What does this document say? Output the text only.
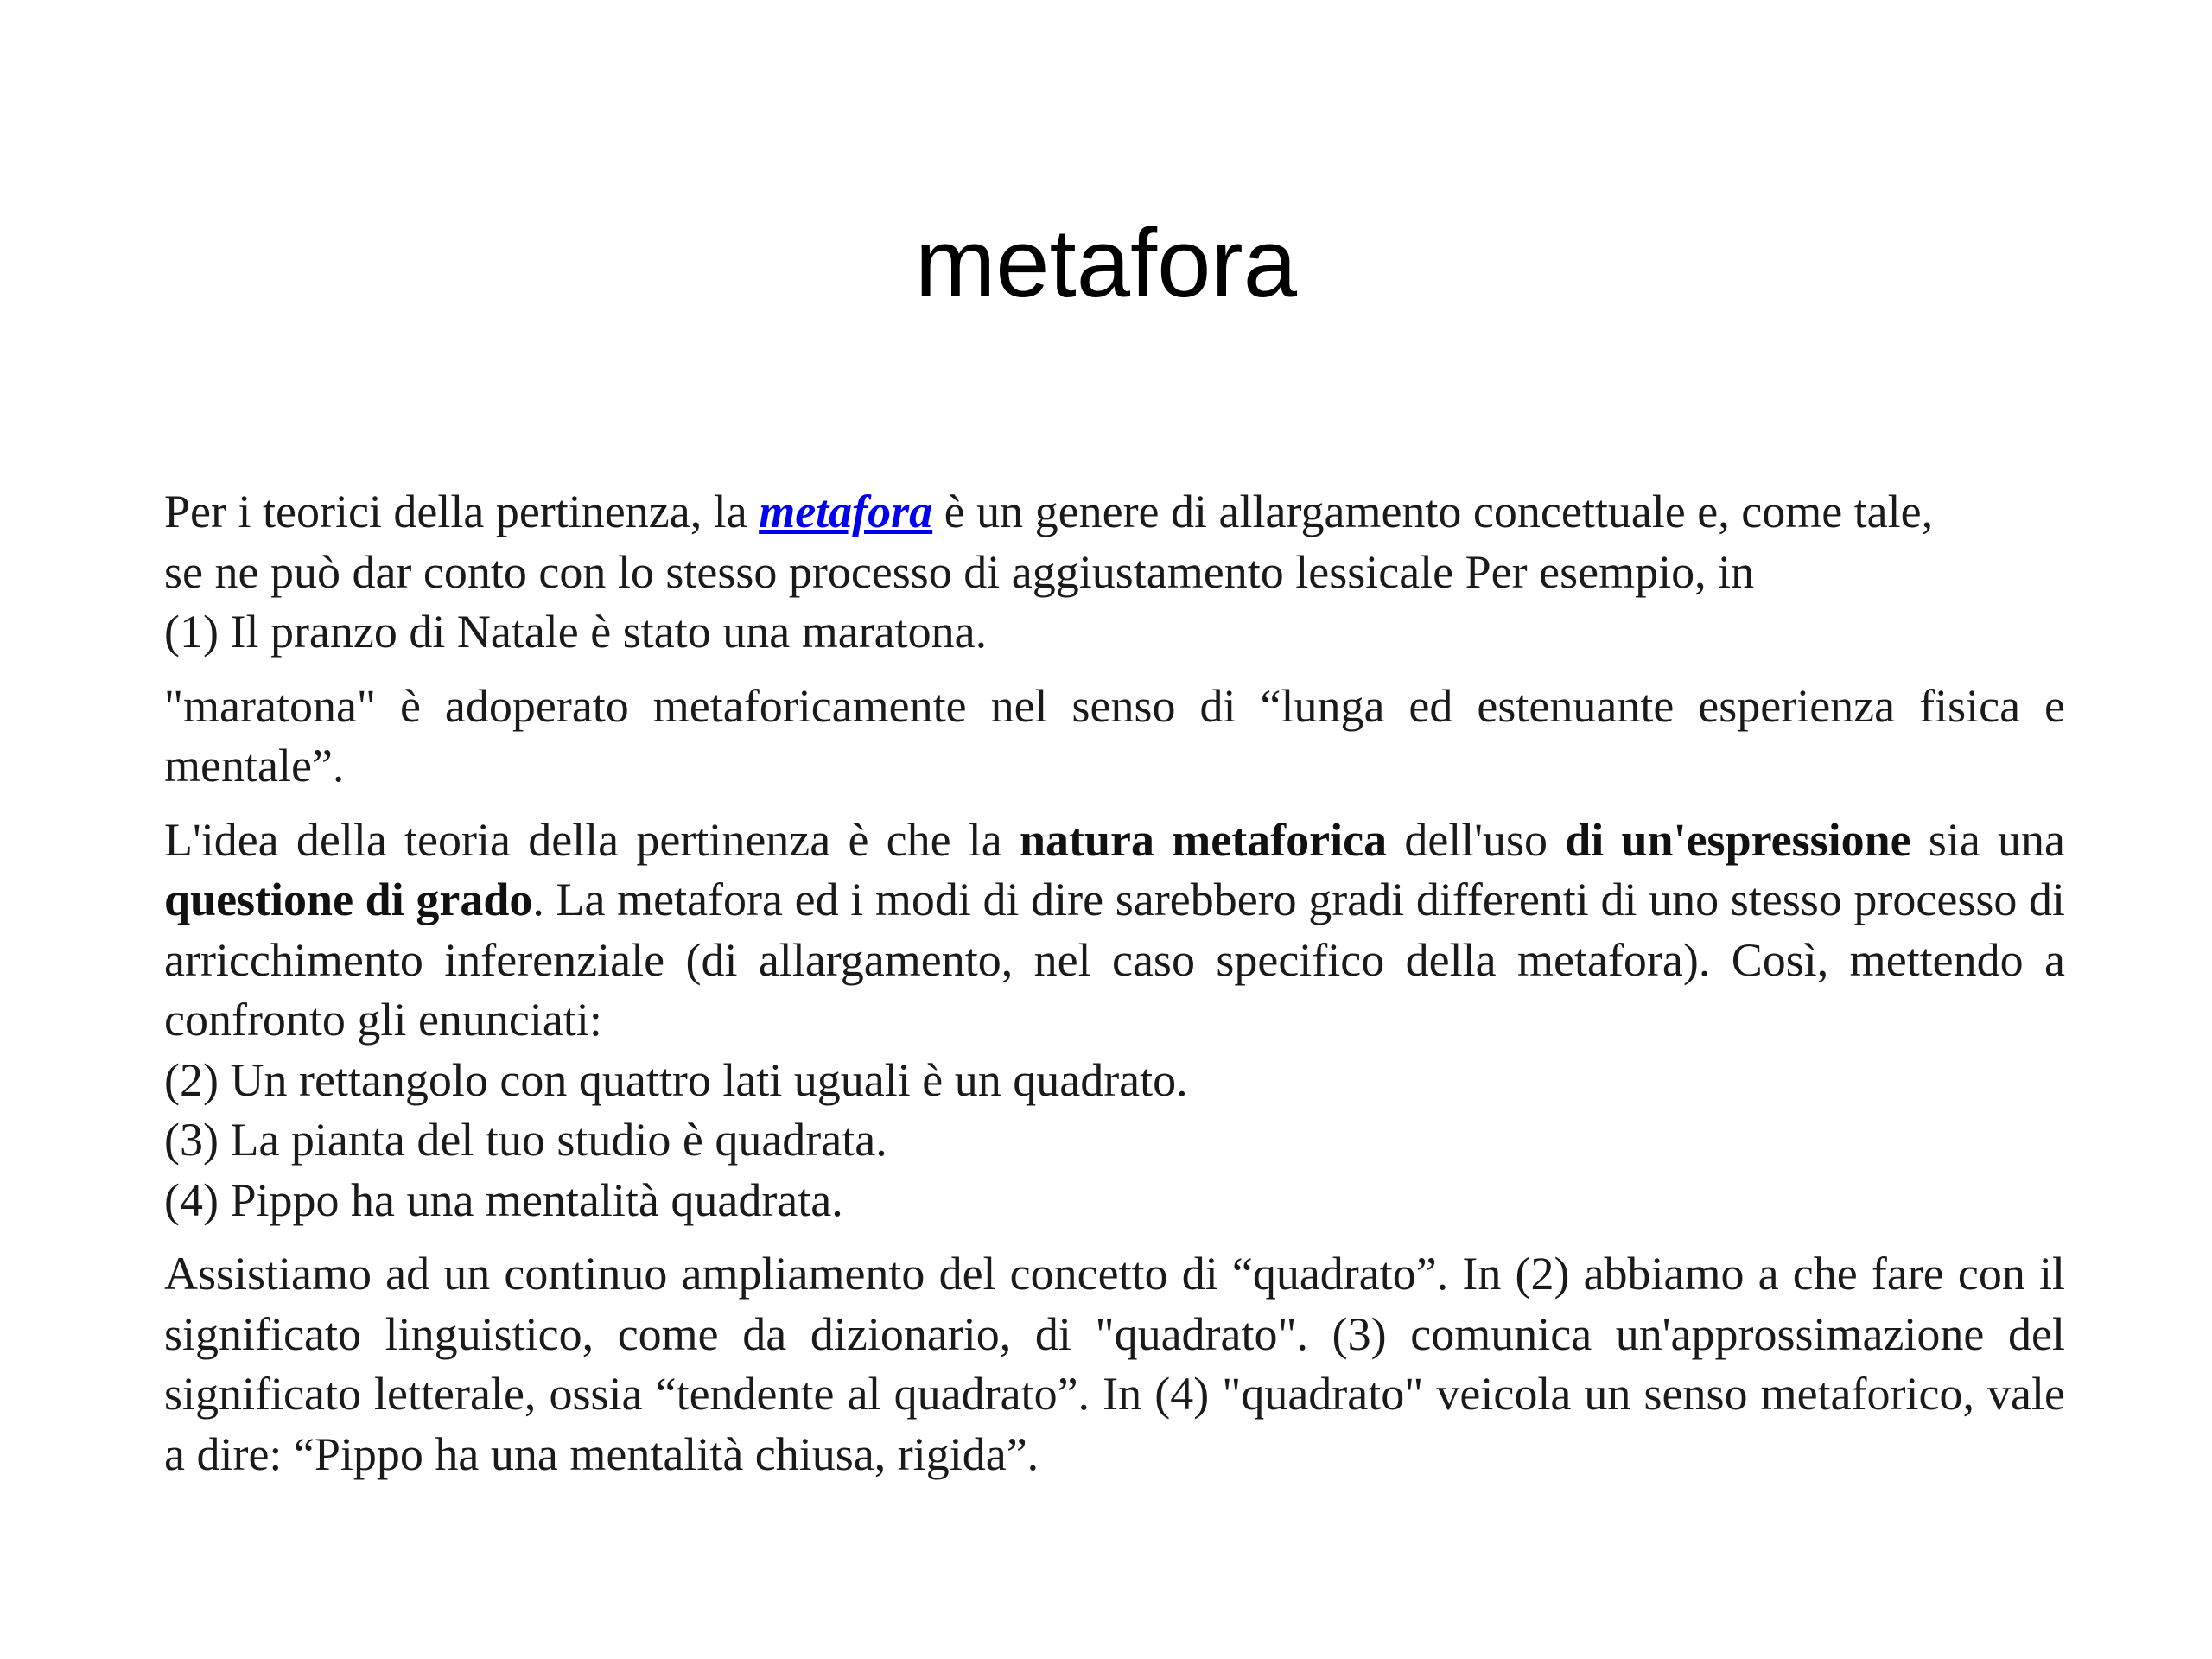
metafora

Per i teorici della pertinenza, la metafora è un genere di allargamento concettuale e, come tale,
se ne può dar conto con lo stesso processo di aggiustamento lessicale Per esempio, in
(1) Il pranzo di Natale è stato una maratona.

"maratona" è adoperato metaforicamente nel senso di “lunga ed estenuante esperienza fisica e mentale”.

L'idea della teoria della pertinenza è che la natura metaforica dell'uso di un'espressione sia una questione di grado. La metafora ed i modi di dire sarebbero gradi differenti di uno stesso processo di arricchimento inferenziale (di allargamento, nel caso specifico della metafora). Così, mettendo a confronto gli enunciati:
(2) Un rettangolo con quattro lati uguali è un quadrato.
(3) La pianta del tuo studio è quadrata.
(4) Pippo ha una mentalità quadrata.

Assistiamo ad un continuo ampliamento del concetto di “quadrato”. In (2) abbiamo a che fare con il significato linguistico, come da dizionario, di "quadrato". (3) comunica un'approssimazione del significato letterale, ossia “tendente al quadrato”. In (4) "quadrato" veicola un senso metaforico, vale a dire: “Pippo ha una mentalità chiusa, rigida”.
